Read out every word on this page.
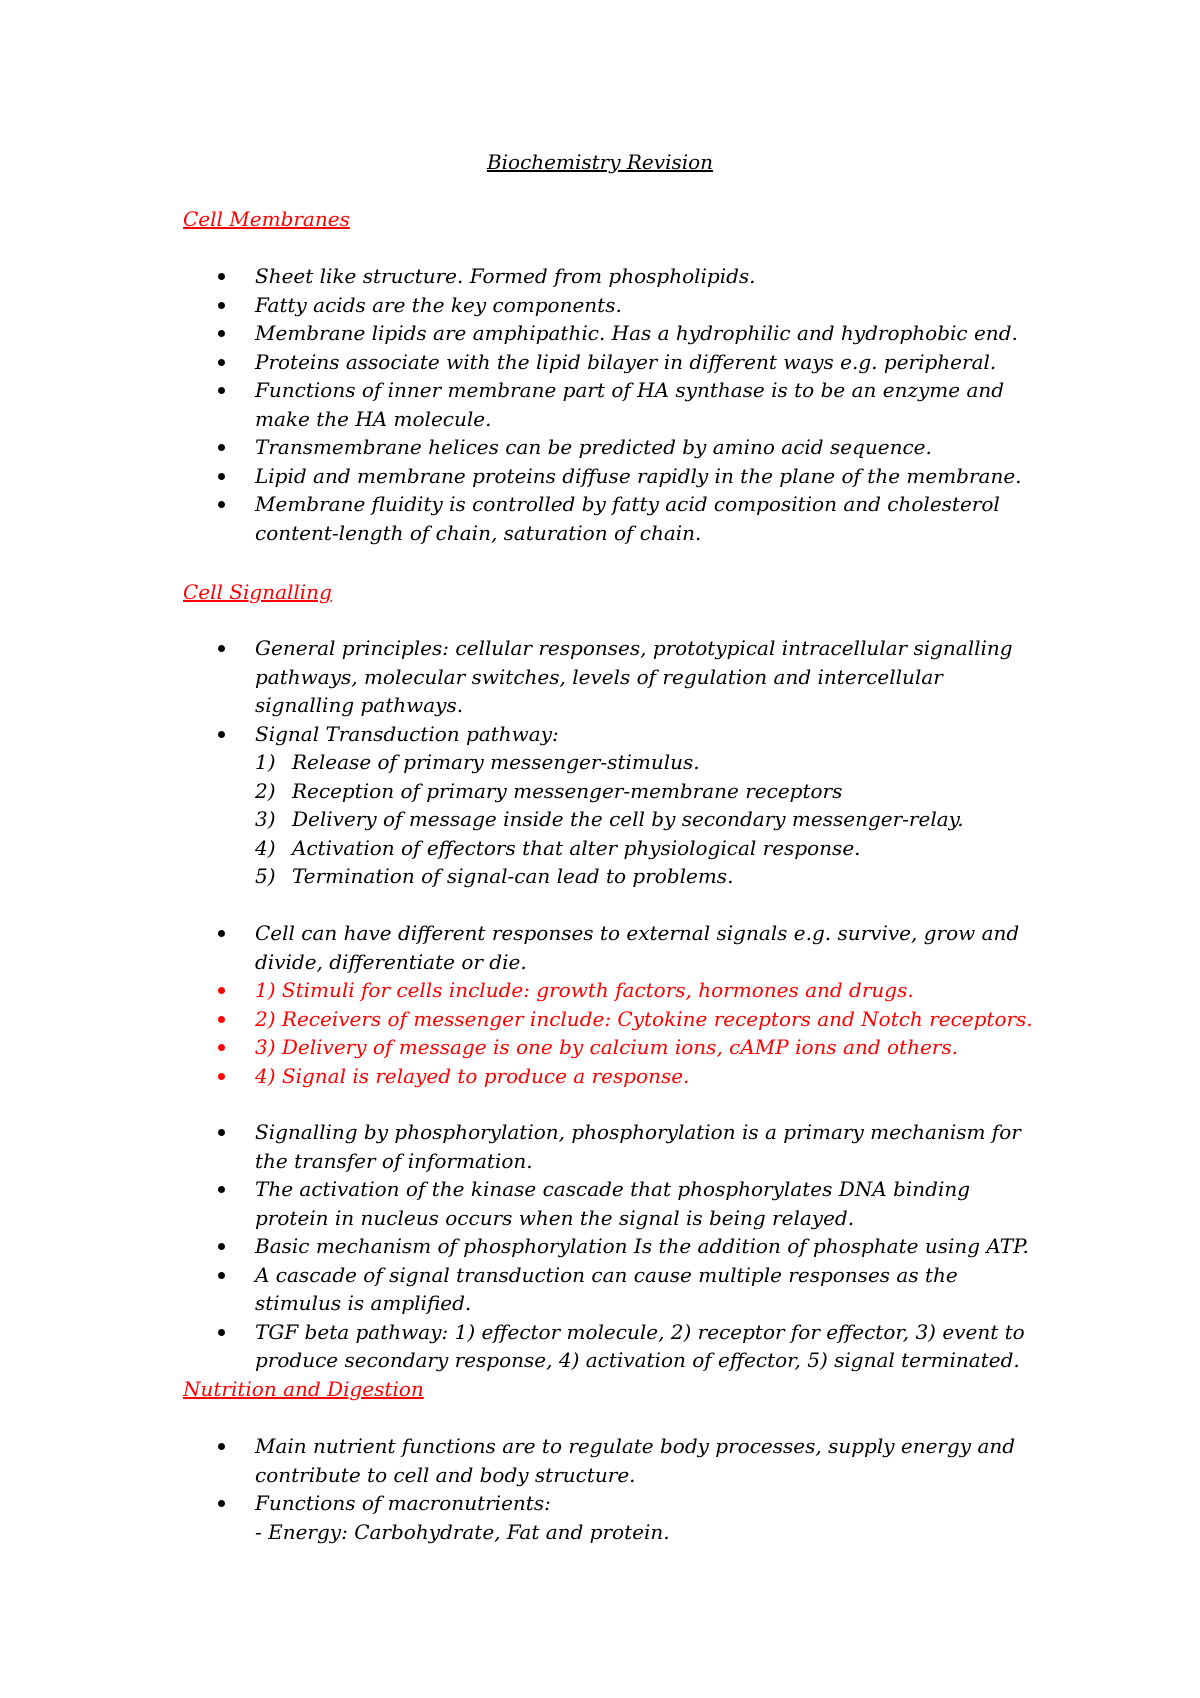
Biochemistry Revision
Cell Membranes
Sheet like structure. Formed from phospholipids.
Fatty acids are the key components.
Membrane lipids are amphipathic. Has a hydrophilic and hydrophobic end.
Proteins associate with the lipid bilayer in different ways e.g. peripheral.
Functions of inner membrane part of HA synthase is to be an enzyme and make the HA molecule.
Transmembrane helices can be predicted by amino acid sequence.
Lipid and membrane proteins diffuse rapidly in the plane of the membrane.
Membrane fluidity is controlled by fatty acid composition and cholesterol content-length of chain, saturation of chain.
Cell Signalling
General principles: cellular responses, prototypical intracellular signalling pathways, molecular switches, levels of regulation and intercellular signalling pathways.
Signal Transduction pathway:
1) Release of primary messenger-stimulus.
2) Reception of primary messenger-membrane receptors
3) Delivery of message inside the cell by secondary messenger-relay.
4) Activation of effectors that alter physiological response.
5) Termination of signal-can lead to problems.
Cell can have different responses to external signals e.g. survive, grow and divide, differentiate or die.
1) Stimuli for cells include: growth factors, hormones and drugs.
2) Receivers of messenger include: Cytokine receptors and Notch receptors.
3) Delivery of message is one by calcium ions, cAMP ions and others.
4) Signal is relayed to produce a response.
Signalling by phosphorylation, phosphorylation is a primary mechanism for the transfer of information.
The activation of the kinase cascade that phosphorylates DNA binding protein in nucleus occurs when the signal is being relayed.
Basic mechanism of phosphorylation Is the addition of phosphate using ATP.
A cascade of signal transduction can cause multiple responses as the stimulus is amplified.
TGF beta pathway: 1) effector molecule, 2) receptor for effector, 3) event to produce secondary response, 4) activation of effector, 5) signal terminated.
Nutrition and Digestion
Main nutrient functions are to regulate body processes, supply energy and contribute to cell and body structure.
Functions of macronutrients:
- Energy: Carbohydrate, Fat and protein.
